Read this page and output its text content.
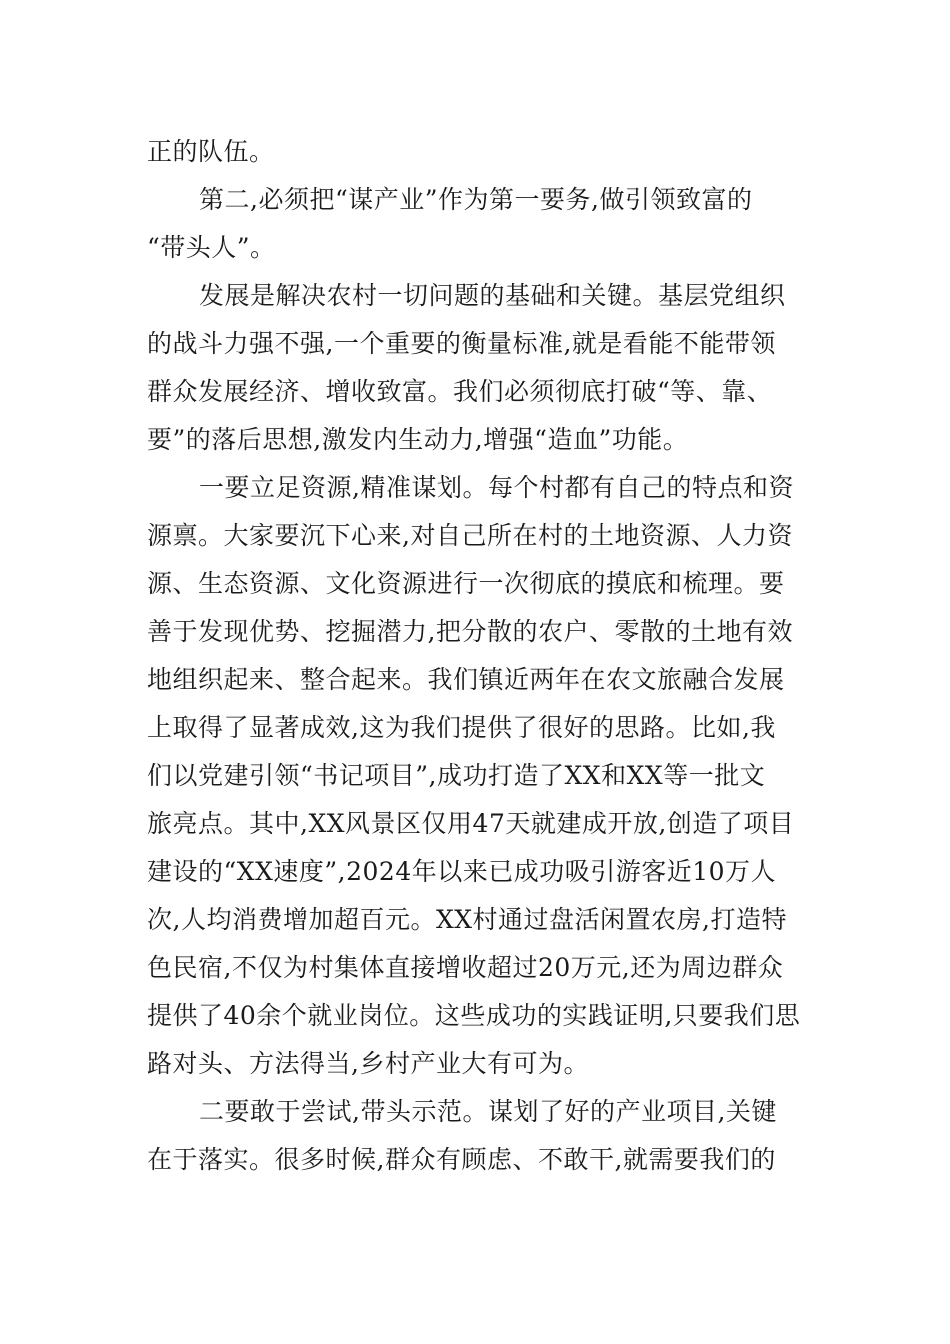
正的队伍。
第二,必须把“谋产业”作为第一要务,做引领致富的
“带头人”。
发展是解决农村一切问题的基础和关键。基层党组织
的战斗力强不强,一个重要的衡量标准,就是看能不能带领
群众发展经济、增收致富。我们必须彻底打破“等、靠、
要”的落后思想,激发内生动力,增强“造血”功能。
一要立足资源,精准谋划。每个村都有自己的特点和资
源禀。大家要沉下心来,对自己所在村的土地资源、人力资
源、生态资源、文化资源进行一次彻底的摸底和梳理。要
善于发现优势、挖掘潜力,把分散的农户、零散的土地有效
地组织起来、整合起来。我们镇近两年在农文旅融合发展
上取得了显著成效,这为我们提供了很好的思路。比如,我
们以党建引领“书记项目”,成功打造了XX和XX等一批文
旅亮点。其中,XX风景区仅用47天就建成开放,创造了项目
建设的“XX速度”,2024年以来已成功吸引游客近10万人
次,人均消费增加超百元。XX村通过盘活闲置农房,打造特
色民宿,不仅为村集体直接增收超过20万元,还为周边群众
提供了40余个就业岗位。这些成功的实践证明,只要我们思
路对头、方法得当,乡村产业大有可为。
二要敢于尝试,带头示范。谋划了好的产业项目,关键
在于落实。很多时候,群众有顾虑、不敢干,就需要我们的
